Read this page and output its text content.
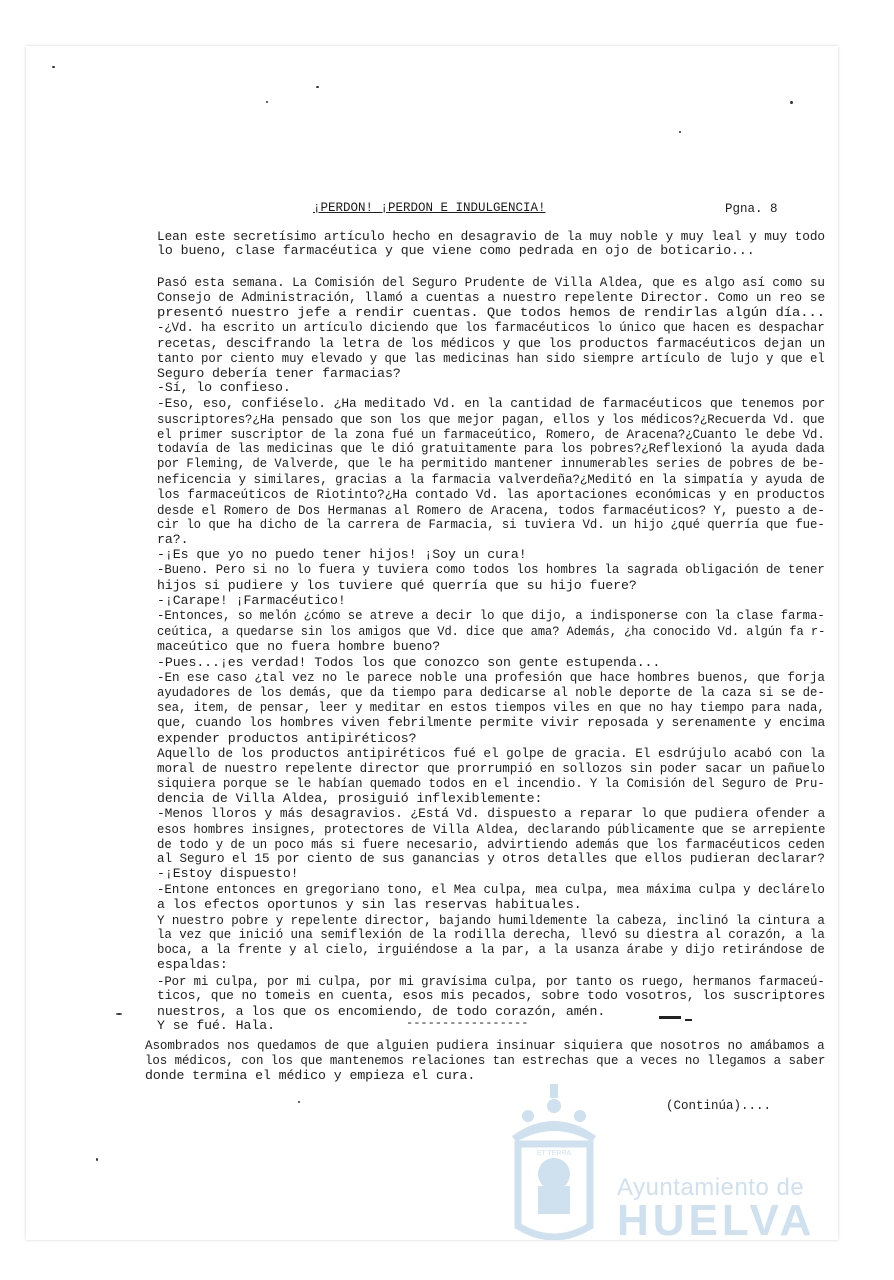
¡PERDON! ¡PERDON E INDULGENCIA!	Pgna. 8
Lean este secretísimo artículo hecho en desagravio de la muy noble y muy leal y muy todo
lo bueno, clase farmacéutica y que viene como pedrada en ojo de boticario...
Pasó esta semana. La Comisión del Seguro Prudente de Villa Aldea, que es algo así como su
Consejo de Administración, llamó a cuentas a nuestro repelente Director. Como un reo se
presentó nuestro jefe a rendir cuentas. Que todos hemos de rendirlas algún día...
-¿Vd. ha escrito un artículo diciendo que los farmacéuticos lo único que hacen es despachar
recetas, descifrando la letra de los médicos y que los productos farmacéuticos dejan un
tanto por ciento muy elevado y que las medicinas han sido siempre artículo de lujo y que el
Seguro debería tener farmacias?
-Sí, lo confieso.
-Eso, eso, confiéselo. ¿Ha meditado Vd. en la cantidad de farmacéuticos que tenemos por
suscriptores?¿Ha pensado que son los que mejor pagan, ellos y los médicos?¿Recuerda Vd. que
el primer suscriptor de la zona fué un farmaceútico, Romero, de Aracena?¿Cuanto le debe Vd.
todavía de las medicinas que le dió gratuitamente para los pobres?¿Reflexionó la ayuda dada
por Fleming, de Valverde, que le ha permitido mantener innumerables series de pobres de be-
neficencia y similares, gracias a la farmacia valverdeña?¿Meditó en la simpatía y ayuda de
los farmaceúticos de Riotinto?¿Ha contado Vd. las aportaciones económicas y en productos
desde el Romero de Dos Hermanas al Romero de Aracena, todos farmacéuticos? Y, puesto a de-
cir lo que ha dicho de la carrera de Farmacia, si tuviera Vd. un hijo ¿qué querría que fue-
ra?.
-¡Es que yo no puedo tener hijos! ¡Soy un cura!
-Bueno. Pero si no lo fuera y tuviera como todos los hombres la sagrada obligación de tener
hijos si pudiere y los tuviere qué querría que su hijo fuere?
-¡Carape! ¡Farmacéutico!
-Entonces, so melón ¿cómo se atreve a decir lo que dijo, a indisponerse con la clase farma-
ceútica, a quedarse sin los amigos que Vd. dice que ama? Además, ¿ha conocido Vd. algún fa r-
maceútico que no fuera hombre bueno?
-Pues...¡es verdad! Todos los que conozco son gente estupenda...
-En ese caso ¿tal vez no le parece noble una profesión que hace hombres buenos, que forja
ayudadores de los demás, que da tiempo para dedicarse al noble deporte de la caza si se de-
sea, item, de pensar, leer y meditar en estos tiempos viles en que no hay tiempo para nada,
que, cuando los hombres viven febrilmente permite vivir reposada y serenamente y encima
expender productos antipiréticos?
Aquello de los productos antipiréticos fué el golpe de gracia. El esdrújulo acabó con la
moral de nuestro repelente director que prorrumpió en sollozos sin poder sacar un pañuelo
siquiera porque se le habían quemado todos en el incendio. Y la Comisión del Seguro de Pru-
dencia de Villa Aldea, prosiguió inflexiblemente:
-Menos lloros y más desagravios. ¿Está Vd. dispuesto a reparar lo que pudiera ofender a
esos hombres insignes, protectores de Villa Aldea, declarando públicamente que se arrepiente
de todo y de un poco más si fuere necesario, advirtiendo además que los farmacéuticos ceden
al Seguro el 15 por ciento de sus ganancias y otros detalles que ellos pudieran declarar?
-¡Estoy dispuesto!
-Entone entonces en gregoriano tono, el Mea culpa, mea culpa, mea máxima culpa y declárelo
a los efectos oportunos y sin las reservas habituales.
Y nuestro pobre y repelente director, bajando humildemente la cabeza, inclinó la cintura a
la vez que inició una semiflexión de la rodilla derecha, llevó su diestra al corazón, a la
boca, a la frente y al cielo, irguiéndose a la par, a la usanza árabe y dijo retirándose de
espaldas:
-Por mi culpa, por mi culpa, por mi gravísima culpa, por tanto os ruego, hermanos farmaceú-
ticos, que no tomeis en cuenta, esos mis pecados, sobre todo vosotros, los suscriptores
nuestros, a los que os encomiendo, de todo corazón, amén.
Y se fué. Hala.	-----------------
Asombrados nos quedamos de que alguien pudiera insinuar siquiera que nosotros no amábamos a
los médicos, con los que mantenemos relaciones tan estrechas que a veces no llegamos a saber
donde termina el médico y empieza el cura.
(Continúa)....
ET TERRA
Ayuntamiento de
HUELVA
